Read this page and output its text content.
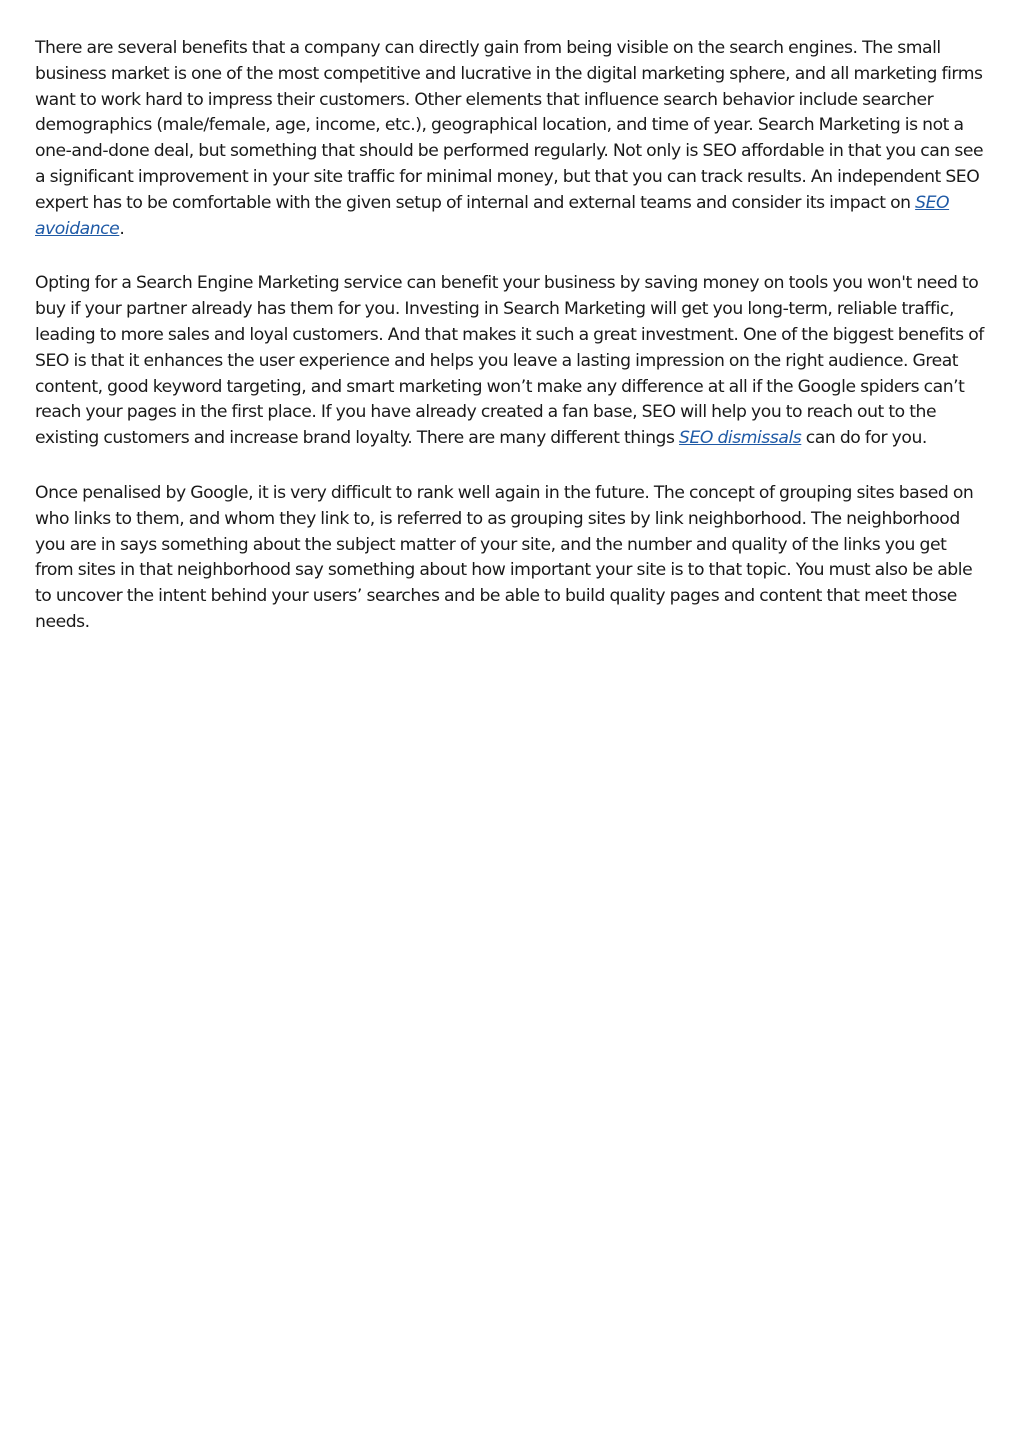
There are several benefits that a company can directly gain from being visible on the search engines. The small business market is one of the most competitive and lucrative in the digital marketing sphere, and all marketing firms want to work hard to impress their customers. Other elements that influence search behavior include searcher demographics (male/female, age, income, etc.), geographical location, and time of year. Search Marketing is not a one-and-done deal, but something that should be performed regularly. Not only is SEO affordable in that you can see a significant improvement in your site traffic for minimal money, but that you can track results. An independent SEO expert has to be comfortable with the given setup of internal and external teams and consider its impact on SEO avoidance.

Opting for a Search Engine Marketing service can benefit your business by saving money on tools you won't need to buy if your partner already has them for you. Investing in Search Marketing will get you long-term, reliable traffic, leading to more sales and loyal customers. And that makes it such a great investment. One of the biggest benefits of SEO is that it enhances the user experience and helps you leave a lasting impression on the right audience. Great content, good keyword targeting, and smart marketing won’t make any difference at all if the Google spiders can’t reach your pages in the first place. If you have already created a fan base, SEO will help you to reach out to the existing customers and increase brand loyalty. There are many different things SEO dismissals can do for you.

Once penalised by Google, it is very difficult to rank well again in the future. The concept of grouping sites based on who links to them, and whom they link to, is referred to as grouping sites by link neighborhood. The neighborhood you are in says something about the subject matter of your site, and the number and quality of the links you get from sites in that neighborhood say something about how important your site is to that topic. You must also be able to uncover the intent behind your users’ searches and be able to build quality pages and content that meet those needs.
